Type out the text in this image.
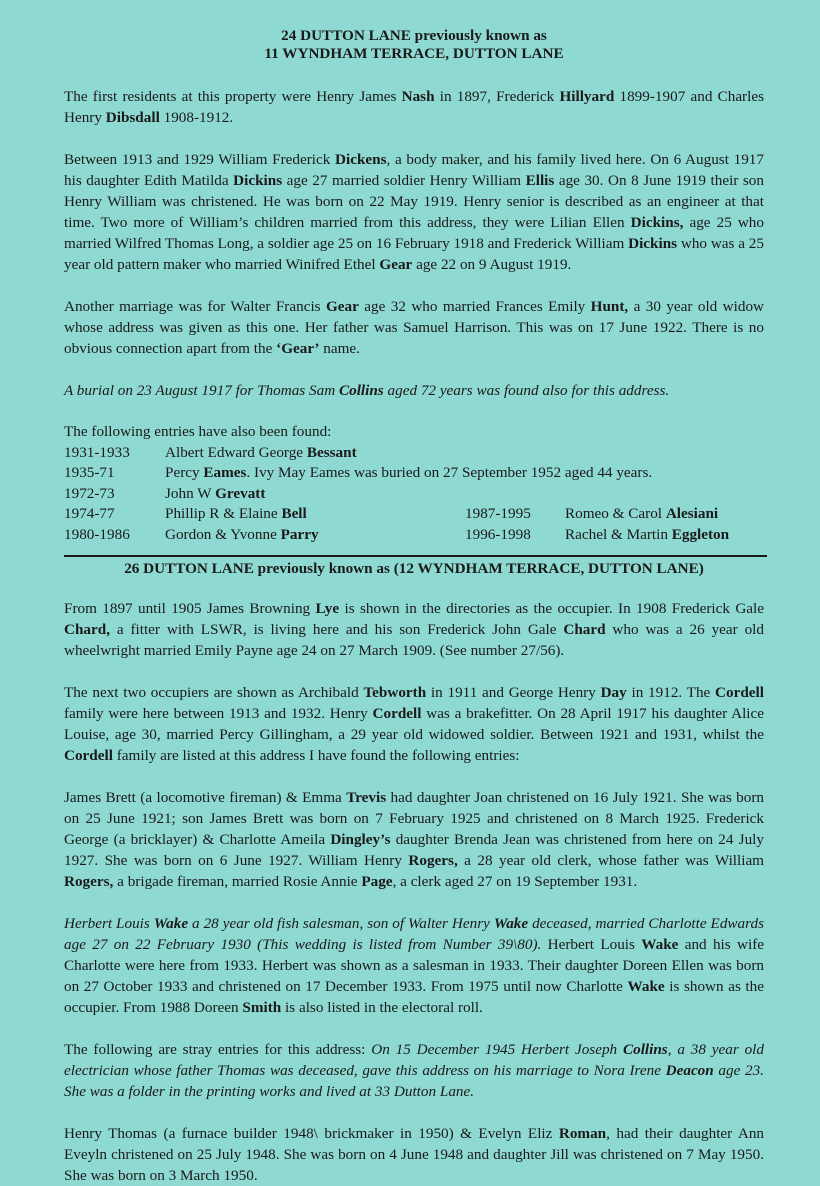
24 DUTTON LANE previously known as
11 WYNDHAM TERRACE, DUTTON LANE

The first residents at this property were Henry James Nash in 1897, Frederick Hillyard 1899-1907 and Charles Henry Dibsdall 1908-1912.

Between 1913 and 1929 William Frederick Dickens, a body maker, and his family lived here. On 6 August 1917 his daughter Edith Matilda Dickins age 27 married soldier Henry William Ellis age 30. On 8 June 1919 their son Henry William was christened. He was born on 22 May 1919. Henry senior is described as an engineer at that time. Two more of William’s children married from this address, they were Lilian Ellen Dickins, age 25 who married Wilfred Thomas Long, a soldier age 25 on 16 February 1918 and Frederick William Dickins who was a 25 year old pattern maker who married Winifred Ethel Gear age 22 on 9 August 1919.

Another marriage was for Walter Francis Gear age 32 who married Frances Emily Hunt, a 30 year old widow whose address was given as this one. Her father was Samuel Harrison. This was on 17 June 1922. There is no obvious connection apart from the ‘Gear’ name.

A burial on 23 August 1917 for Thomas Sam Collins aged 72 years was found also for this address.

The following entries have also been found:
1931-1933	Albert Edward George Bessant
1935-71	Percy Eames. Ivy May Eames was buried on 27 September 1952 aged 44 years.
1972-73	John W Grevatt
1974-77	Phillip R & Elaine Bell	1987-1995	Romeo & Carol Alesiani
1980-1986	Gordon & Yvonne Parry	1996-1998	Rachel & Martin Eggleton
26 DUTTON LANE previously known as (12 WYNDHAM TERRACE, DUTTON LANE)

From 1897 until 1905 James Browning Lye is shown in the directories as the occupier. In 1908 Frederick Gale Chard, a fitter with LSWR, is living here and his son Frederick John Gale Chard who was a 26 year old wheelwright married Emily Payne age 24 on 27 March 1909. (See number 27/56).

The next two occupiers are shown as Archibald Tebworth in 1911 and George Henry Day in 1912. The Cordell family were here between 1913 and 1932. Henry Cordell was a brakefitter. On 28 April 1917 his daughter Alice Louise, age 30, married Percy Gillingham, a 29 year old widowed soldier. Between 1921 and 1931, whilst the Cordell family are listed at this address I have found the following entries:

James Brett (a locomotive fireman) & Emma Trevis had daughter Joan christened on 16 July 1921. She was born on 25 June 1921; son James Brett was born on 7 February 1925 and christened on 8 March 1925. Frederick George (a bricklayer) & Charlotte Ameila Dingley’s daughter Brenda Jean was christened from here on 24 July 1927. She was born on 6 June 1927. William Henry Rogers, a 28 year old clerk, whose father was William Rogers, a brigade fireman, married Rosie Annie Page, a clerk aged 27 on 19 September 1931.

Herbert Louis Wake a 28 year old fish salesman, son of Walter Henry Wake deceased, married Charlotte Edwards age 27 on 22 February 1930 (This wedding is listed from Number 39\80). Herbert Louis Wake and his wife Charlotte were here from 1933. Herbert was shown as a salesman in 1933. Their daughter Doreen Ellen was born on 27 October 1933 and christened on 17 December 1933. From 1975 until now Charlotte Wake is shown as the occupier. From 1988 Doreen Smith is also listed in the electoral roll.

The following are stray entries for this address: On 15 December 1945 Herbert Joseph Collins, a 38 year old electrician whose father Thomas was deceased, gave this address on his marriage to Nora Irene Deacon age 23. She was a folder in the printing works and lived at 33 Dutton Lane.

Henry Thomas (a furnace builder 1948\ brickmaker in 1950) & Evelyn Eliz Roman, had their daughter Ann Eveyln christened on 25 July 1948. She was born on 4 June 1948 and daughter Jill was christened on 7 May 1950. She was born on 3 March 1950.
